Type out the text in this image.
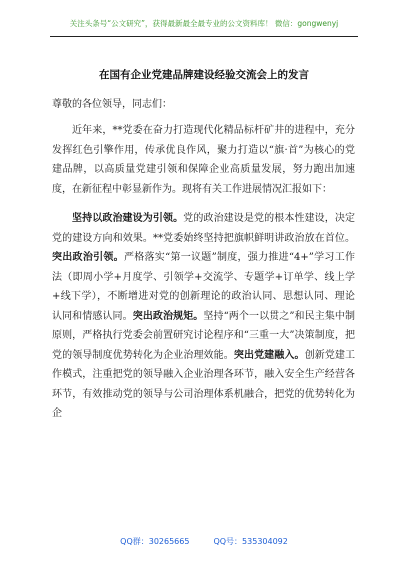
关注头条号“公文研究”，获得最新最全最专业的公文资料库！ 微信：gongwenyj
在国有企业党建品牌建设经验交流会上的发言
尊敬的各位领导，同志们：

近年来，**党委在奋力打造现代化精品标杆矿井的进程中，充分发挥红色引擎作用，传承优良作风，聚力打造以“旗·首”为核心的党建品牌，以高质量党建引领和保障企业高质量发展，努力跑出加速度，在新征程中彰显新作为。现将有关工作进展情况汇报如下：

坚持以政治建设为引领。党的政治建设是党的根本性建设，决定党的建设方向和效果。**党委始终坚持把旗帜鲜明讲政治放在首位。突出政治引领。严格落实“第一议题”制度，强力推进“4+”学习工作法（即周小学+月度学、引领学+交流学、专题学+订单学、线上学+线下学），不断增进对党的创新理论的政治认同、思想认同、理论认同和情感认同。突出政治规矩。坚持“两个一以贯之”和民主集中制原则，严格执行党委会前置研究讨论程序和“三重一大”决策制度，把党的领导制度优势转化为企业治理效能。突出党建融入。创新党建工作模式，注重把党的领导融入企业治理各环节，融入安全生产经营各环节，有效推动党的领导与公司治理体系机融合，把党的优势转化为企

QQ群：30265665	QQ号：535304092
